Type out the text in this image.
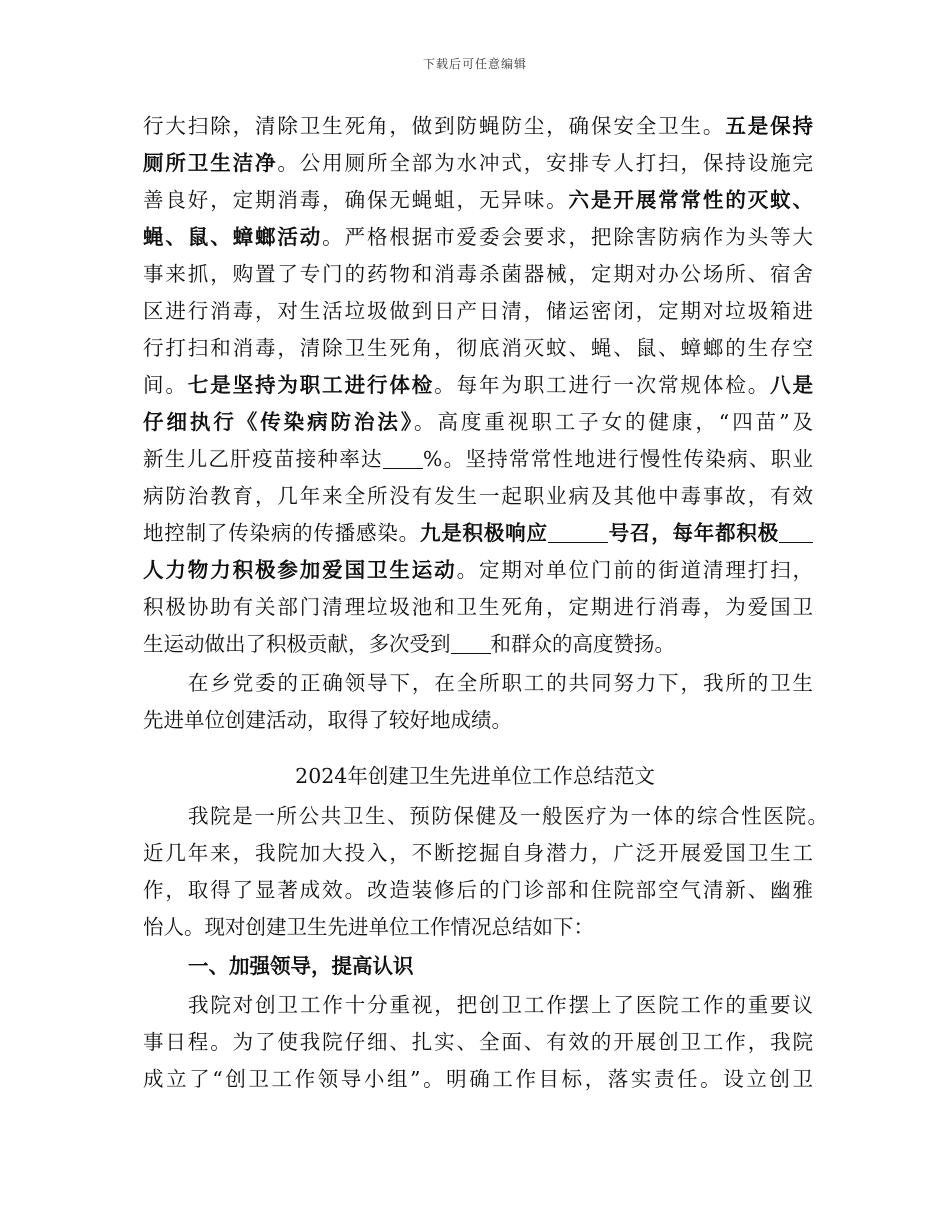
下载后可任意编辑
行大扫除，清除卫生死角，做到防蝇防尘，确保安全卫生。五是保持
厕所卫生洁净。公用厕所全部为水冲式，安排专人打扫，保持设施完
善良好，定期消毒，确保无蝇蛆，无异味。六是开展常常性的灭蚊、
蝇、鼠、蟑螂活动。严格根据市爱委会要求，把除害防病作为头等大
事来抓，购置了专门的药物和消毒杀菌器械，定期对办公场所、宿舍
区进行消毒，对生活垃圾做到日产日清，储运密闭，定期对垃圾箱进
行打扫和消毒，清除卫生死角，彻底消灭蚊、蝇、鼠、蟑螂的生存空
间。七是坚持为职工进行体检。每年为职工进行一次常规体检。八是
仔细执行《传染病防治法》。高度重视职工子女的健康，“四苗”及
新生儿乙肝疫苗接种率达 %。坚持常常性地进行慢性传染病、职业
病防治教育，几年来全所没有发生一起职业病及其他中毒事故，有效
地控制了传染病的传播感染。九是积极响应	号召，每年都积极
人力物力积极参加爱国卫生运动。定期对单位门前的街道清理打扫，
积极协助有关部门清理垃圾池和卫生死角，定期进行消毒，为爱国卫
生运动做出了积极贡献，多次受到 和群众的高度赞扬。
在乡党委的正确领导下，在全所职工的共同努力下，我所的卫生
先进单位创建活动，取得了较好地成绩。
2024年创建卫生先进单位工作总结范文
我院是一所公共卫生、预防保健及一般医疗为一体的综合性医院。
近几年来，我院加大投入，不断挖掘自身潜力，广泛开展爱国卫生工
作，取得了显著成效。改造装修后的门诊部和住院部空气清新、幽雅
怡人。现对创建卫生先进单位工作情况总结如下：
一、加强领导，提高认识
我院对创卫工作十分重视，把创卫工作摆上了医院工作的重要议
事日程。为了使我院仔细、扎实、全面、有效的开展创卫工作，我院
成立了“创卫工作领导小组”。明确工作目标，落实责任。设立创卫
